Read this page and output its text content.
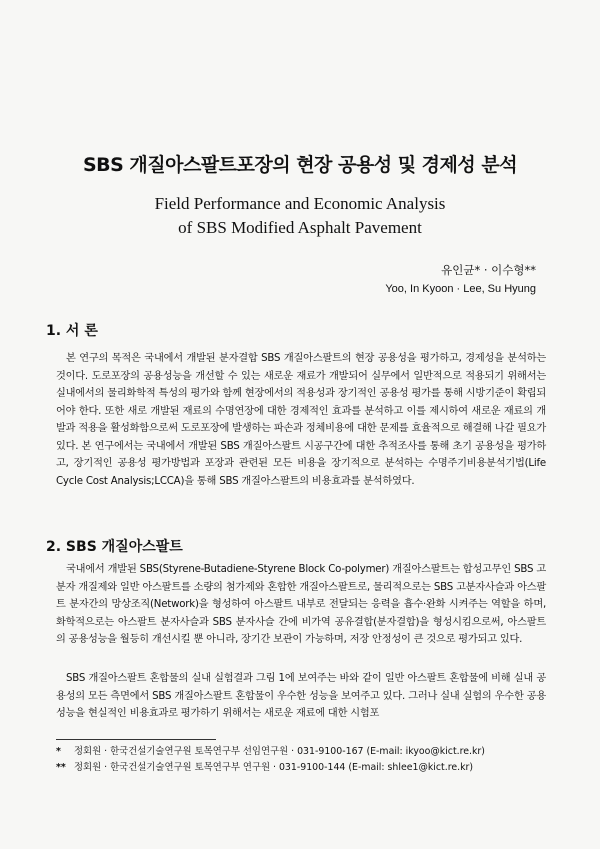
SBS 개질아스팔트포장의 현장 공용성 및 경제성 분석
Field Performance and Economic Analysis
of SBS Modified Asphalt Pavement
유인균* · 이수형**
Yoo, In Kyoon · Lee, Su Hyung
1. 서 론

본 연구의 목적은 국내에서 개발된 분자결합 SBS 개질아스팔트의 현장 공용성을 평가하고, 경제성을 분석하는 것이다. 도로포장의 공용성능을 개선할 수 있는 새로운 재료가 개발되어 실무에서 일반적으로 적용되기 위해서는 실내에서의 물리화학적 특성의 평가와 함께 현장에서의 적용성과 장기적인 공용성 평가를 통해 시방기준이 확립되어야 한다. 또한 새로 개발된 재료의 수명연장에 대한 경제적인 효과를 분석하고 이를 제시하여 새로운 재료의 개발과 적용을 활성화함으로써 도로포장에 발생하는 파손과 정체비용에 대한 문제를 효율적으로 해결해 나갈 필요가 있다. 본 연구에서는 국내에서 개발된 SBS 개질아스팔트 시공구간에 대한 추적조사를 통해 초기 공용성을 평가하고, 장기적인 공용성 평가방법과 포장과 관련된 모든 비용을 장기적으로 분석하는 수명주기비용분석기법(Life Cycle Cost Analysis;LCCA)을 통해 SBS 개질아스팔트의 비용효과를 분석하였다.

2. SBS 개질아스팔트

국내에서 개발된 SBS(Styrene-Butadiene-Styrene Block Co-polymer) 개질아스팔트는 합성고무인 SBS 고분자 개질제와 일반 아스팔트를 소량의 첨가제와 혼합한 개질아스팔트로, 물리적으로는 SBS 고분자사슬과 아스팔트 분자간의 망상조직(Network)을 형성하여 아스팔트 내부로 전달되는 응력을 흡수·완화 시켜주는 역할을 하며, 화학적으로는 아스팔트 분자사슬과 SBS 분자사슬 간에 비가역 공유결합(분자결합)을 형성시킴으로써, 아스팔트의 공용성능을 월등히 개선시킬 뿐 아니라, 장기간 보관이 가능하며, 저장 안정성이 큰 것으로 평가되고 있다.

SBS 개질아스팔트 혼합물의 실내 실험결과 그림 1에 보여주는 바와 같이 일반 아스팔트 혼합물에 비해 실내 공용성의 모든 측면에서 SBS 개질아스팔트 혼합물이 우수한 성능을 보여주고 있다. 그러나 실내 실험의 우수한 공용성능을 현실적인 비용효과로 평가하기 위해서는 새로운 재료에 대한 시험포

* 정회원 · 한국건설기술연구원 토목연구부 선임연구원 · 031-9100-167 (E-mail: ikyoo@kict.re.kr)
** 정회원 · 한국건설기술연구원 토목연구부 연구원 · 031-9100-144 (E-mail: shlee1@kict.re.kr)
